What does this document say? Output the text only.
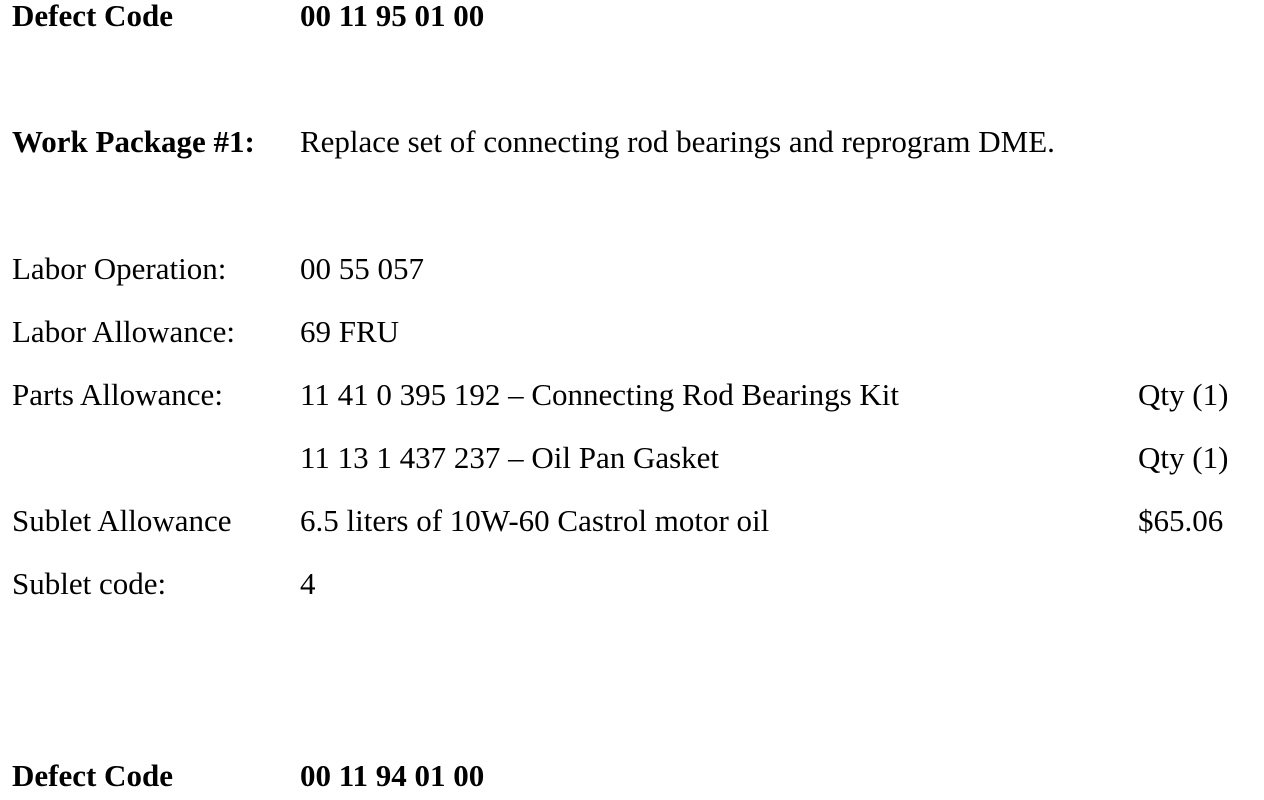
Defect Code	00 11 95 01 00
Work Package #1: Replace set of connecting rod bearings and reprogram DME.
Labor Operation: 00 55 057
Labor Allowance: 69 FRU
Parts Allowance: 11 41 0 395 192 – Connecting Rod Bearings Kit	Qty (1)
11 13 1 437 237 – Oil Pan Gasket	Qty (1)
Sublet Allowance 6.5 liters of 10W-60 Castrol motor oil	$65.06
Sublet code:	4
Defect Code	00 11 94 01 00
